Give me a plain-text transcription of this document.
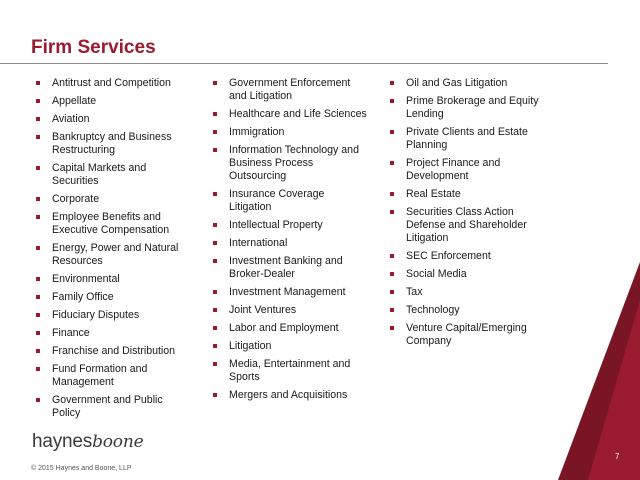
Firm Services
Antitrust and Competition
Appellate
Aviation
Bankruptcy and Business Restructuring
Capital Markets and Securities
Corporate
Employee Benefits and Executive Compensation
Energy, Power and Natural Resources
Environmental
Family Office
Fiduciary Disputes
Finance
Franchise and Distribution
Fund Formation and Management
Government and Public Policy
Government Enforcement and Litigation
Healthcare and Life Sciences
Immigration
Information Technology and Business Process Outsourcing
Insurance Coverage Litigation
Intellectual Property
International
Investment Banking and Broker-Dealer
Investment Management
Joint Ventures
Labor and Employment
Litigation
Media, Entertainment and Sports
Mergers and Acquisitions
Oil and Gas Litigation
Prime Brokerage and Equity Lending
Private Clients and Estate Planning
Project Finance and Development
Real Estate
Securities Class Action Defense and Shareholder Litigation
SEC Enforcement
Social Media
Tax
Technology
Venture Capital/Emerging Company
haynesboone
© 2015 Haynes and Boone, LLP
7
